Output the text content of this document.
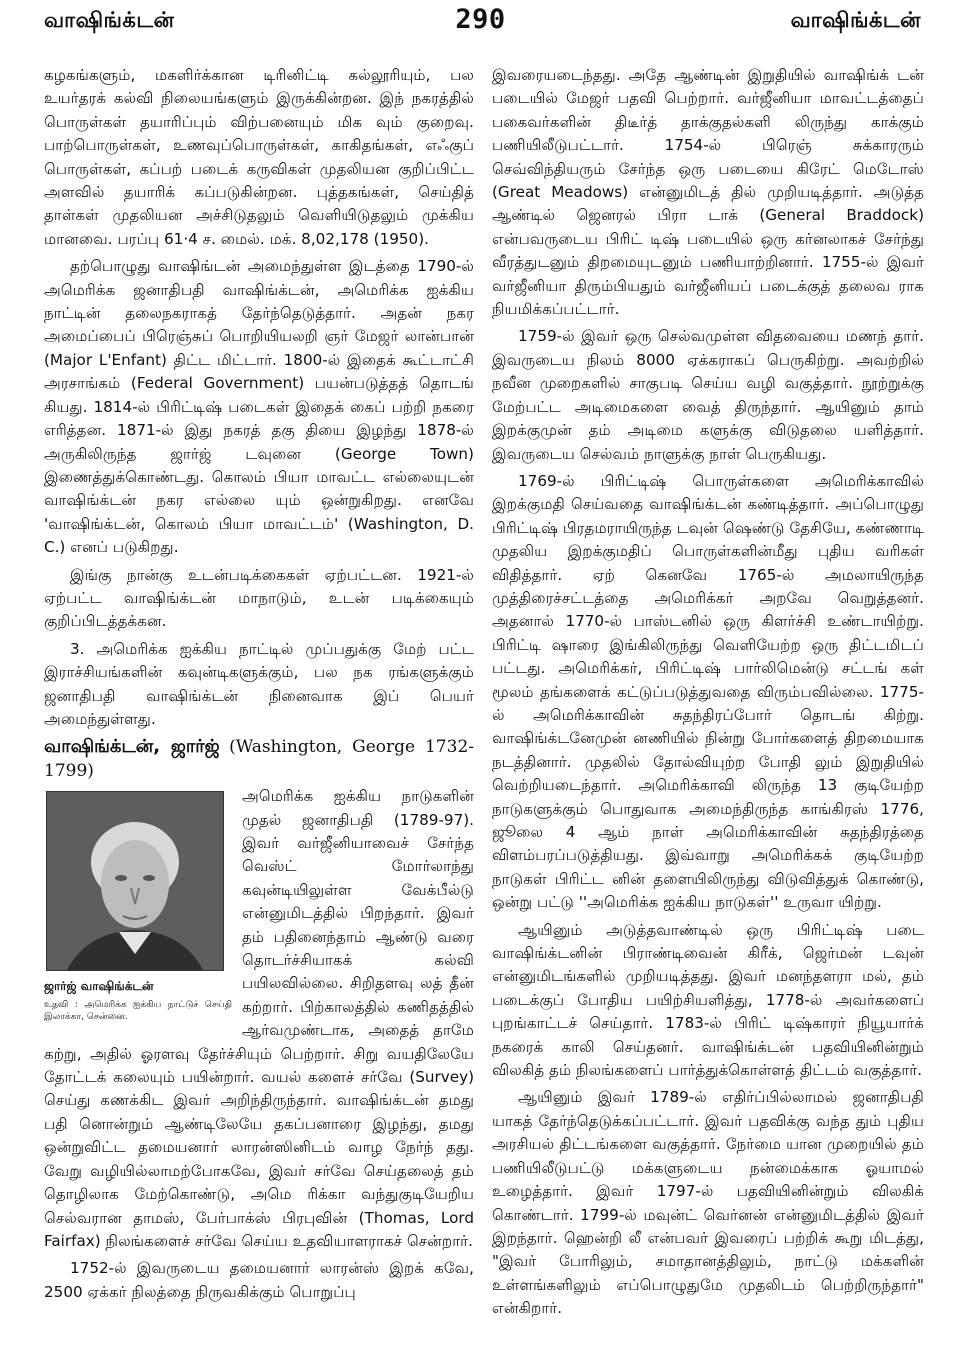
வாஷிங்க்டன்	290	வாஷிங்க்டன்

கழகங்களும், மகளிர்க்கான டிரினிட்டி கல்லூரியும், பல உயர்தரக் கல்வி நிலையங்களும் இருக்கின்றன. இந் நகரத்தில் பொருள்கள் தயாரிப்பும் விற்பனையும் மிக வும் குறைவு. பாற்பொருள்கள், உணவுப்பொருள்கள், காகிதங்கள், எஃகுப் பொருள்கள், கப்பற் படைக் கருவிகள் முதலியன குறிப்பிட்ட அளவில் தயாரிக் கப்படுகின்றன. புத்தகங்கள், செய்தித் தாள்கள் முதலியன அச்சிடுதலும் வெளியிடுதலும் முக்கிய மானவை. பரப்பு 61·4 ச. மைல். மக். 8,02,178 (1950).

தற்பொழுது வாஷிங்டன் அமைந்துள்ள இடத்தை 1790-ல் அமெரிக்க ஜனாதிபதி வாஷிங்க்டன், அமெரிக்க ஐக்கிய நாட்டின் தலைநகராகத் தேர்ந்தெடுத்தார். அதன் நகர அமைப்பைப் பிரெஞ்சுப் பொறியியலறி ஞர் மேஜர் லான்பான் (Major L'Enfant) திட்ட மிட்டார். 1800-ல் இதைக் கூட்டாட்சி அரசாங்கம் (Federal Government) பயன்படுத்தத் தொடங் கியது. 1814-ல் பிரிட்டிஷ் படைகள் இதைக் கைப் பற்றி நகரை எரித்தன. 1871-ல் இது நகரத் தகு தியை இழந்து 1878-ல் அருகிலிருந்த ஜார்ஜ் டவுனை (George Town) இணைத்துக்கொண்டது. கொலம் பியா மாவட்ட எல்லையுடன் வாஷிங்க்டன் நகர எல்லை யும் ஒன்றுகிறது. எனவே 'வாஷிங்க்டன், கொலம் பியா மாவட்டம்' (Washington, D. C.) எனப் படுகிறது.

இங்கு நான்கு உடன்படிக்கைகள் ஏற்பட்டன. 1921-ல் ஏற்பட்ட வாஷிங்க்டன் மாநாடும், உடன் படிக்கையும் குறிப்பிடத்தக்கன.

3. அமெரிக்க ஐக்கிய நாட்டில் முப்பதுக்கு மேற் பட்ட இராச்சியங்களின் கவுன்டிகளுக்கும், பல நக ரங்களுக்கும் ஜனாதிபதி வாஷிங்க்டன் நினைவாக இப் பெயர் அமைந்துள்ளது.

வாஷிங்க்டன், ஜார்ஜ் (Washington, George 1732-1799)

ஜார்ஜ் வாஷிங்க்டன்
உதவி : அமெரிக்க ஐக்கிய நாட்டுச் செய்தி இலாக்கா, சென்னை.

அமெரிக்க ஐக்கிய நாடுகளின் முதல் ஜனாதிபதி (1789-97). இவர் வர்ஜீனியாவைச் சேர்ந்த வெஸ்ட் மோர்லாந்து கவுன்டியிலுள்ள வேக்பீல்டு என்னுமிடத்தில் பிறந்தார். இவர் தம் பதினைந்தாம் ஆண்டு வரை தொடர்ச்சியாகக் கல்வி பயிலவில்லை. சிறிதளவு லத் தீன் கற்றார். பிற்காலத்தில் கணிதத்தில் ஆர்வமுண்டாக, அதைத் தாமே கற்று, அதில் ஓரளவு தேர்ச்சியும் பெற்றார். சிறு வயதிலேயே தோட்டக் கலையும் பயின்றார். வயல் களைச் சர்வே (Survey) செய்து கணக்கிட இவர் அறிந்திருந்தார். வாஷிங்க்டன் தமது பதி னொன்றும் ஆண்டிலேயே தகப்பனாரை இழந்து, தமது ஒன்றுவிட்ட தமையனார் லாரன்ஸினிடம் வாழ நேர்ந் தது. வேறு வழியில்லாமற்போகவே, இவர் சர்வே செய்தலைத் தம் தொழிலாக மேற்கொண்டு, அமெ ரிக்கா வந்துகுடியேறிய செல்வரான தாமஸ், பேர்பாக்ஸ் பிரபுவின் (Thomas, Lord Fairfax) நிலங்களைச் சர்வே செய்ய உதவியாளராகச் சென்றார்.

1752-ல் இவருடைய தமையனார் லாரன்ஸ் இறக் கவே, 2500 ஏக்கர் நிலத்தை நிருவகிக்கும் பொறுப்பு

இவரையடைந்தது. அதே ஆண்டின் இறுதியில் வாஷிங்க் டன் படையில் மேஜர் பதவி பெற்றார். வர்ஜீனியா மாவட்டத்தைப் பகைவர்களின் திடீர்த் தாக்குதல்களி லிருந்து காக்கும் பணியிலீடுபட்டார். 1754-ல் பிரெஞ் சுக்காரரும் செவ்விந்தியரும் சேர்ந்த ஒரு படையை கிரேட் மெடோஸ் (Great Meadows) என்னுமிடத் தில் முறியடித்தார். அடுத்த ஆண்டில் ஜெனரல் பிரா டாக் (General Braddock) என்பவருடைய பிரிட் டிஷ் படையில் ஒரு கர்னலாகச் சேர்ந்து வீரத்துடனும் திறமையுடனும் பணியாற்றினார். 1755-ல் இவர் வர்ஜீனியா திரும்பியதும் வர்ஜீனியப் படைக்குத் தலைவ ராக நியமிக்கப்பட்டார்.

1759-ல் இவர் ஒரு செல்வமுள்ள விதவையை மணந் தார். இவருடைய நிலம் 8000 ஏக்கராகப் பெருகிற்று. அவற்றில் நவீன முறைகளில் சாகுபடி செய்ய வழி வகுத்தார். நூற்றுக்கு மேற்பட்ட அடிமைகளை வைத் திருந்தார். ஆயினும் தாம் இறக்குமுன் தம் அடிமை களுக்கு விடுதலை யளித்தார். இவருடைய செல்வம் நாளுக்கு நாள் பெருகியது.

1769-ல் பிரிட்டிஷ் பொருள்களை அமெரிக்காவில் இறக்குமதி செய்வதை வாஷிங்க்டன் கண்டித்தார். அப்பொழுது பிரிட்டிஷ் பிரதமராயிருந்த டவுன் ஷெண்டு தேசியே, கண்ணாடி முதலிய இறக்குமதிப் பொருள்களின்மீது புதிய வரிகள் விதித்தார். ஏற் கெனவே 1765-ல் அமலாயிருந்த முத்திரைச்சட்டத்தை அமெரிக்கர் அறவே வெறுத்தனர். அதனால் 1770-ல் பாஸ்டனில் ஒரு கிளர்ச்சி உண்டாயிற்று. பிரிட்டி ஷாரை இங்கிலிருந்து வெளியேற்ற ஒரு திட்டமிடப் பட்டது. அமெரிக்கர், பிரிட்டிஷ் பார்லிமென்டு சட்டங் கள் மூலம் தங்களைக் கட்டுப்படுத்துவதை விரும்பவில்லை. 1775-ல் அமெரிக்காவின் சுதந்திரப்போர் தொடங் கிற்று. வாஷிங்க்டனேமுன் னணியில் நின்று போர்களைத் திறமையாக நடத்தினார். முதலில் தோல்வியுற்ற போதி லும் இறுதியில் வெற்றியடைந்தார். அமெரிக்காவி லிருந்த 13 குடியேற்ற நாடுகளுக்கும் பொதுவாக அமைந்திருந்த காங்கிரஸ் 1776, ஜூலை 4 ஆம் நாள் அமெரிக்காவின் சுதந்திரத்தை விளம்பரப்படுத்தியது. இவ்வாறு அமெரிக்கக் குடியேற்ற நாடுகள் பிரிட்ட னின் தளையிலிருந்து விடுவித்துக் கொண்டு, ஒன்று பட்டு ''அமெரிக்க ஐக்கிய நாடுகள்'' உருவா யிற்று.

ஆயினும் அடுத்தவாண்டில் ஒரு பிரிட்டிஷ் படை வாஷிங்க்டனின் பிராண்டிவைன் கிரீக், ஜெர்மன் டவுன் என்னுமிடங்களில் முறியடித்தது. இவர் மனந்தளரா மல், தம் படைக்குப் போதிய பயிற்சியளித்து, 1778-ல் அவர்களைப் புறங்காட்டச் செய்தார். 1783-ல் பிரிட் டிஷ்காரர் நியூயார்க் நகரைக் காலி செய்தனர். வாஷிங்க்டன் பதவியினின்றும் விலகித் தம் நிலங்களைப் பார்த்துக்கொள்ளத் திட்டம் வகுத்தார்.

ஆயினும் இவர் 1789-ல் எதிர்ப்பில்லாமல் ஜனாதிபதி யாகத் தேர்ந்தெடுக்கப்பட்டார். இவர் பதவிக்கு வந்த தும் புதிய அரசியல் திட்டங்களை வகுத்தார். நேர்மை யான முறையில் தம் பணியிலீடுபட்டு மக்களுடைய நன்மைக்காக ஓயாமல் உழைத்தார். இவர் 1797-ல் பதவியினின்றும் விலகிக் கொண்டார். 1799-ல் மவுன்ட் வெர்னன் என்னுமிடத்தில் இவர் இறந்தார். ஹென்றி லீ என்பவர் இவரைப் பற்றிக் கூறு மிடத்து, "இவர் போரிலும், சமாதானத்திலும், நாட்டு மக்களின் உள்ளங்களிலும் எப்பொழுதுமே முதலிடம் பெற்றிருந்தார்" என்கிறார்.
